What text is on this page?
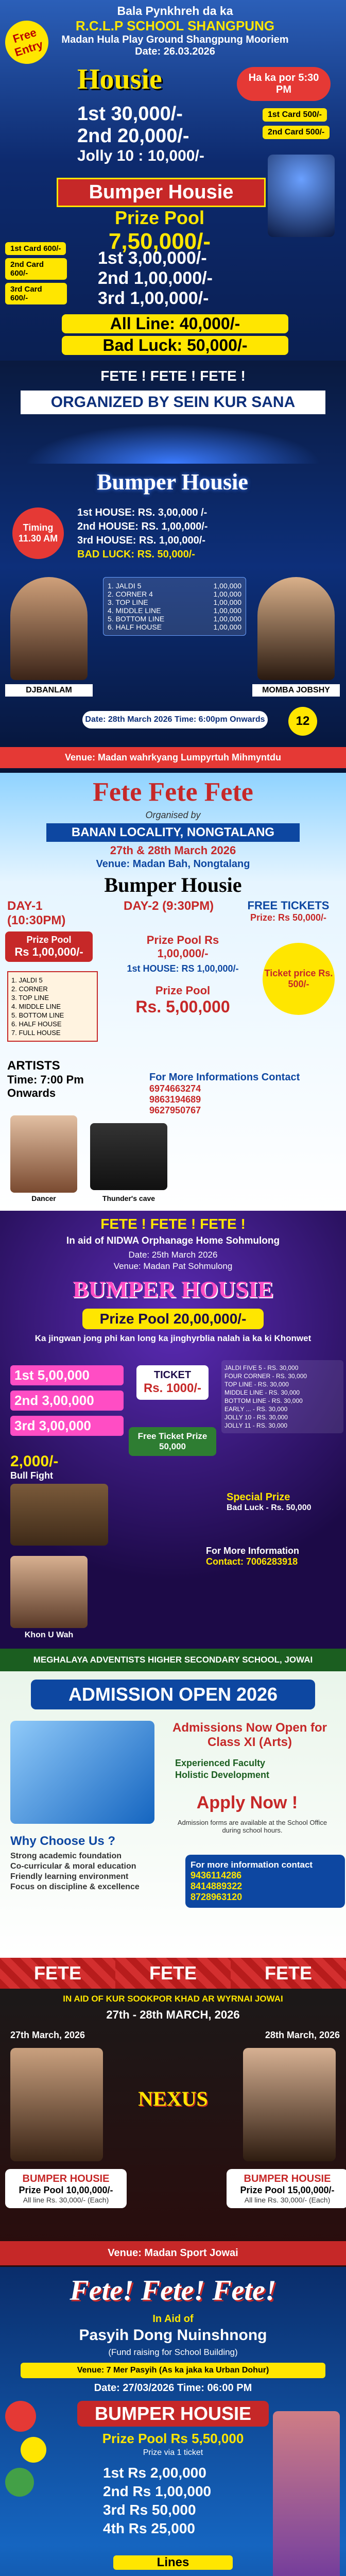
Free Entry
Bala Pynkhreh da ka
R.C.L.P SCHOOL SHANGPUNG
Madan Hula Play Ground Shangpung Mooriem
Date: 26.03.2026
Housie	Ha ka por 5:30 PM
1st 30,000/-
2nd 20,000/-
Jolly 10 : 10,000/-
1st Card 500/- 2nd Card 500/-
Bumper Housie
Prize Pool
7,50,000/-
1st Card 600/- 2nd Card 600/- 3rd Card 600/-
1st 3,00,000/-
2nd 1,00,000/-
3rd 1,00,000/-
All Line: 40,000/-
Bad Luck: 50,000/-
FETE ! FETE ! FETE !
ORGANIZED BY SEIN KUR SANA
Bumper Housie
Timing 11.30 AM
1st HOUSE: RS. 3,00,000 /-
2nd HOUSE: RS. 1,00,000/-
3rd HOUSE: RS. 1,00,000/-
BAD LUCK: RS. 50,000/-
1. JALDI 5	1,00,000
2. CORNER 4	1,00,000
3. TOP LINE	1,00,000
4. MIDDLE LINE	1,00,000
5. BOTTOM LINE	1,00,000
6. HALF HOUSE	1,00,000
DJBANLAM	MOMBA JOBSHY
Date: 28th March 2026 Time: 6:00pm Onwards	12
Venue: Madan wahrkyang Lumpyrtuh Mihmyntdu
Fete Fete Fete
Organised by
BANAN LOCALITY, NONGTALANG
27th & 28th March 2026
Venue: Madan Bah, Nongtalang
Bumper Housie
DAY-1 (10:30PM)
DAY-2 (9:30PM)	FREE TICKETS
Prize: Rs 50,000/-
Prize Pool
Rs 1,00,000/-
Prize Pool Rs 1,00,000/-
1st HOUSE: RS 1,00,000/-
1. JALDI 5
2. CORNER
3. TOP LINE
4. MIDDLE LINE
5. BOTTOM LINE
6. HALF HOUSE
7. FULL HOUSE
Prize Pool
Rs. 5,00,000
Ticket price Rs. 500/-
ARTISTS
Time: 7:00 Pm Onwards
For More Informations Contact
6974663274
9863194689
9627950767
Dancer	Thunder's cave
FETE ! FETE ! FETE !
In aid of NIDWA Orphanage Home Sohmulong
Date: 25th March 2026
Venue: Madan Pat Sohmulong
BUMPER HOUSIE
Prize Pool 20,00,000/-
Ka jingwan jong phi kan long ka jinghyrblia nalah ia ka ki Khonwet
1st 5,00,000
2nd 3,00,000
3rd 3,00,000
TICKET
Rs. 1000/-
JALDI FIVE 5 - RS. 30,000
FOUR CORNER - RS. 30,000
TOP LINE - RS. 30,000
MIDDLE LINE - RS. 30,000
BOTTOM LINE - RS. 30,000
EARLY ... - RS. 30,000
JOLLY 10 - RS. 30,000
JOLLY 11 - RS. 30,000
2,000/-
Bull Fight
Free Ticket Prize 50,000
Special Prize
Bad Luck - Rs. 50,000
Khon U Wah
For More Information
Contact: 7006283918
MEGHALAYA ADVENTISTS HIGHER SECONDARY SCHOOL, JOWAI
ADMISSION OPEN 2026
Admissions Now Open for Class XI (Arts)
Experienced Faculty
Holistic Development
Apply Now !
Admission forms are available at the School Office during school hours.
Why Choose Us ?
Strong academic foundation
Co-curricular & moral education
Friendly learning environment
Focus on discipline & excellence
For more information contact
9436114286
8414889322
8728963120
FETE	FETE	FETE
IN AID OF KUR SOOKPOR KHAD AR WYRNAI JOWAI
27th - 28th MARCH, 2026
27th March, 2026	28th March, 2026
NEXUS
BUMPER HOUSIE
Prize Pool 10,00,000/-
All line Rs. 30,000/- (Each)
BUMPER HOUSIE
Prize Pool 15,00,000/-
All line Rs. 30,000/- (Each)
Venue: Madan Sport Jowai
Fete! Fete! Fete!
In Aid of
Pasyih Dong Nuinshnong
(Fund raising for School Building)
Venue: 7 Mer Pasyih (As ka jaka ka Urban Dohur)
Date: 27/03/2026 Time: 06:00 PM
BUMPER HOUSIE
Prize Pool Rs 5,50,000
Prize via 1 ticket
1st Rs 2,00,000
2nd Rs 1,00,000
3rd Rs 50,000
4th Rs 25,000
Lines
